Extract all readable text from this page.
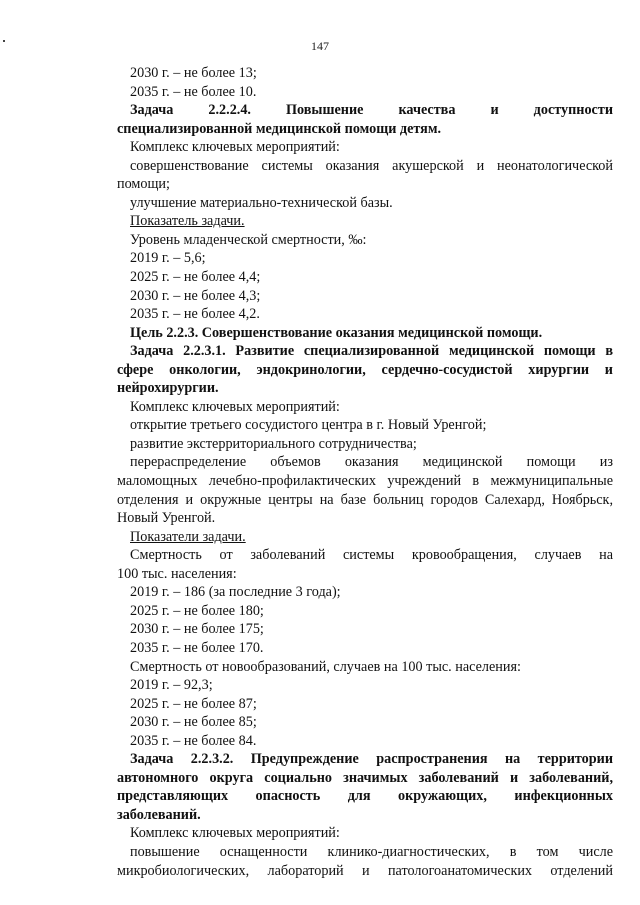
147

2030 г. – не более 13;

2035 г. – не более 10.

Задача 2.2.2.4. Повышение качества и доступности

специализированной медицинской помощи детям.

Комплекс ключевых мероприятий:

совершенствование системы оказания акушерской и неонатологической

помощи;

улучшение материально-технической базы.

Показатель задачи.

Уровень младенческой смертности, ‰:

2019 г. – 5,6;

2025 г. – не более 4,4;

2030 г. – не более 4,3;

2035 г. – не более 4,2.

Цель 2.2.3. Совершенствование оказания медицинской помощи.

Задача 2.2.3.1. Развитие специализированной медицинской помощи в

сфере онкологии, эндокринологии, сердечно-сосудистой хирургии и

нейрохирургии.

Комплекс ключевых мероприятий:

открытие третьего сосудистого центра в г. Новый Уренгой;

развитие экстерриториального сотрудничества;

перераспределение объемов оказания медицинской помощи из

маломощных лечебно-профилактических учреждений в межмуниципальные

отделения и окружные центры на базе больниц городов Салехард, Ноябрьск,

Новый Уренгой.

Показатели задачи.

Смертность от заболеваний системы кровообращения, случаев на

100 тыс. населения:

2019 г. – 186 (за последние 3 года);

2025 г. – не более 180;

2030 г. – не более 175;

2035 г. – не более 170.

Смертность от новообразований, случаев на 100 тыс. населения:

2019 г. – 92,3;

2025 г. – не более 87;

2030 г. – не более 85;

2035 г. – не более 84.

Задача 2.2.3.2. Предупреждение распространения на территории

автономного округа социально значимых заболеваний и заболеваний,

представляющих опасность для окружающих, инфекционных

заболеваний.

Комплекс ключевых мероприятий:

повышение оснащенности клинико-диагностических, в том числе

микробиологических, лабораторий и патологоанатомических отделений
